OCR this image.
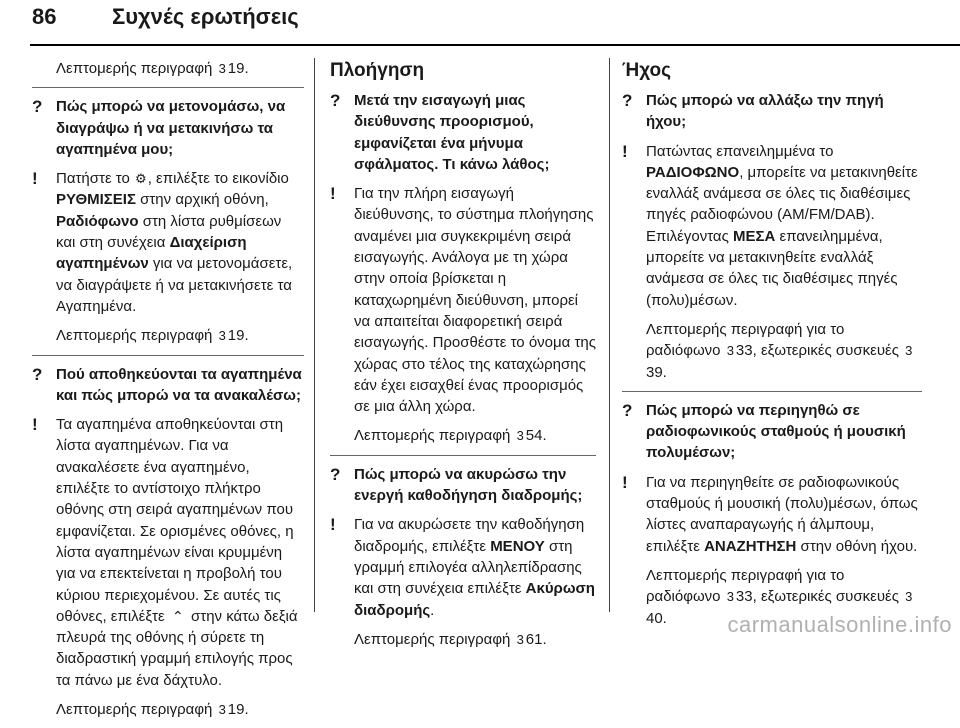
86	Συχνές ερωτήσεις
Λεπτομερής περιγραφή 3 19.
? Πώς μπορώ να μετονομάσω, να διαγράψω ή να μετακινήσω τα αγαπημένα μου;
! Πατήστε το ⚙, επιλέξτε το εικονίδιο ΡΥΘΜΙΣΕΙΣ στην αρχική οθόνη, Ραδιόφωνο στη λίστα ρυθμίσεων και στη συνέχεια Διαχείριση αγαπημένων για να μετονομάσετε, να διαγράψετε ή να μετακινήσετε τα Αγαπημένα.
Λεπτομερής περιγραφή 3 19.
? Πού αποθηκεύονται τα αγαπημένα και πώς μπορώ να τα ανακαλέσω;
! Τα αγαπημένα αποθηκεύονται στη λίστα αγαπημένων. Για να ανακαλέσετε ένα αγαπημένο, επιλέξτε το αντίστοιχο πλήκτρο οθόνης στη σειρά αγαπημένων που εμφανίζεται. Σε ορισμένες οθόνες, η λίστα αγαπημένων είναι κρυμμένη για να επεκτείνεται η προβολή του κύριου περιεχομένου. Σε αυτές τις οθόνες, επιλέξτε ⌃ στην κάτω δεξιά πλευρά της οθόνης ή σύρετε τη διαδραστική γραμμή επιλογής προς τα πάνω με ένα δάχτυλο.
Λεπτομερής περιγραφή 3 19.
Πλοήγηση
? Μετά την εισαγωγή μιας διεύθυνσης προορισμού, εμφανίζεται ένα μήνυμα σφάλματος. Τι κάνω λάθος;
! Για την πλήρη εισαγωγή διεύθυνσης, το σύστημα πλοήγησης αναμένει μια συγκεκριμένη σειρά εισαγωγής. Ανάλογα με τη χώρα στην οποία βρίσκεται η καταχωρημένη διεύθυνση, μπορεί να απαιτείται διαφορετική σειρά εισαγωγής. Προσθέστε το όνομα της χώρας στο τέλος της καταχώρησης εάν έχει εισαχθεί ένας προορισμός σε μια άλλη χώρα.
Λεπτομερής περιγραφή 3 54.
? Πώς μπορώ να ακυρώσω την ενεργή καθοδήγηση διαδρομής;
! Για να ακυρώσετε την καθοδήγηση διαδρομής, επιλέξτε ΜΕΝΟΥ στη γραμμή επιλογέα αλληλεπίδρασης και στη συνέχεια επιλέξτε Ακύρωση διαδρομής.
Λεπτομερής περιγραφή 3 61.
Ήχος
? Πώς μπορώ να αλλάξω την πηγή ήχου;
! Πατώντας επανειλημμένα το ΡΑΔΙΟΦΩΝΟ, μπορείτε να μετακινηθείτε εναλλάξ ανάμεσα σε όλες τις διαθέσιμες πηγές ραδιοφώνου (AM/FM/DAB). Επιλέγοντας ΜΕΣΑ επανειλημμένα, μπορείτε να μετακινηθείτε εναλλάξ ανάμεσα σε όλες τις διαθέσιμες πηγές (πολυ)μέσων.
Λεπτομερής περιγραφή για το ραδιόφωνο 3 33, εξωτερικές συσκευές 339.
? Πώς μπορώ να περιηγηθώ σε ραδιοφωνικούς σταθμούς ή μουσική πολυμέσων;
! Για να περιηγηθείτε σε ραδιοφωνικούς σταθμούς ή μουσική (πολυ)μέσων, όπως λίστες αναπαραγωγής ή άλμπουμ, επιλέξτε ΑΝΑΖΗΤΗΣΗ στην οθόνη ήχου.
Λεπτομερής περιγραφή για το ραδιόφωνο 3 33, εξωτερικές συσκευές 340.	carmanualsonline.info
